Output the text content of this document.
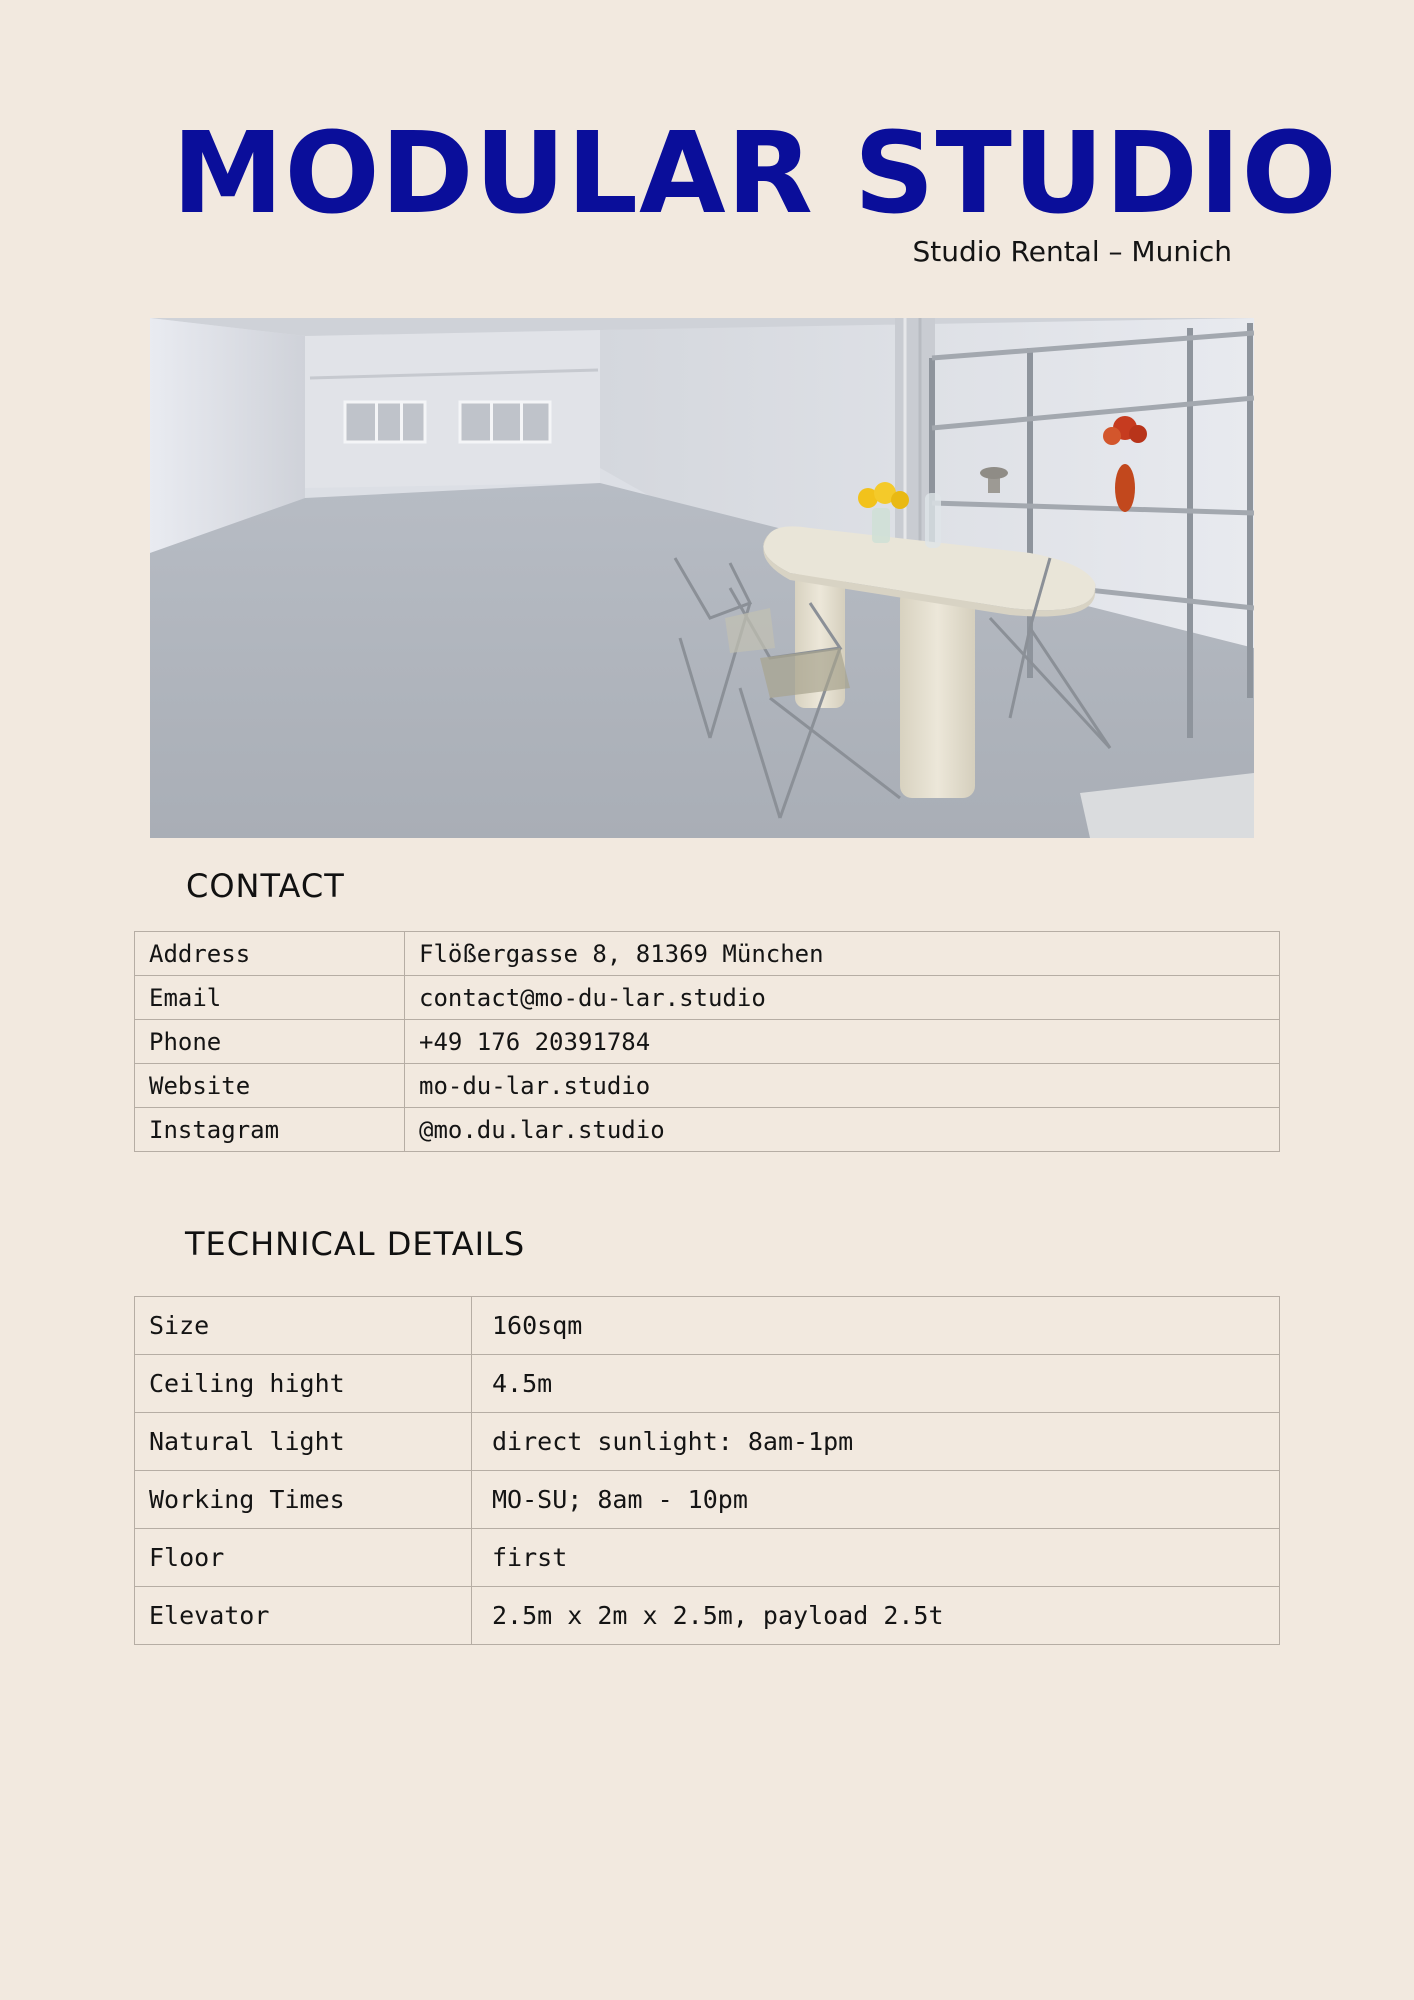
MODULAR STUDIO
Studio Rental – Munich
CONTACT
Address	Flößergasse 8, 81369 München
Email	contact@mo-du-lar.studio
Phone	+49 176 20391784
Website	mo-du-lar.studio
Instagram	@mo.du.lar.studio
TECHNICAL DETAILS
Size	160sqm
Ceiling hight	4.5m
Natural light	direct sunlight: 8am-1pm
Working Times	MO-SU; 8am - 10pm
Floor	first
Elevator	2.5m x 2m x 2.5m, payload 2.5t
